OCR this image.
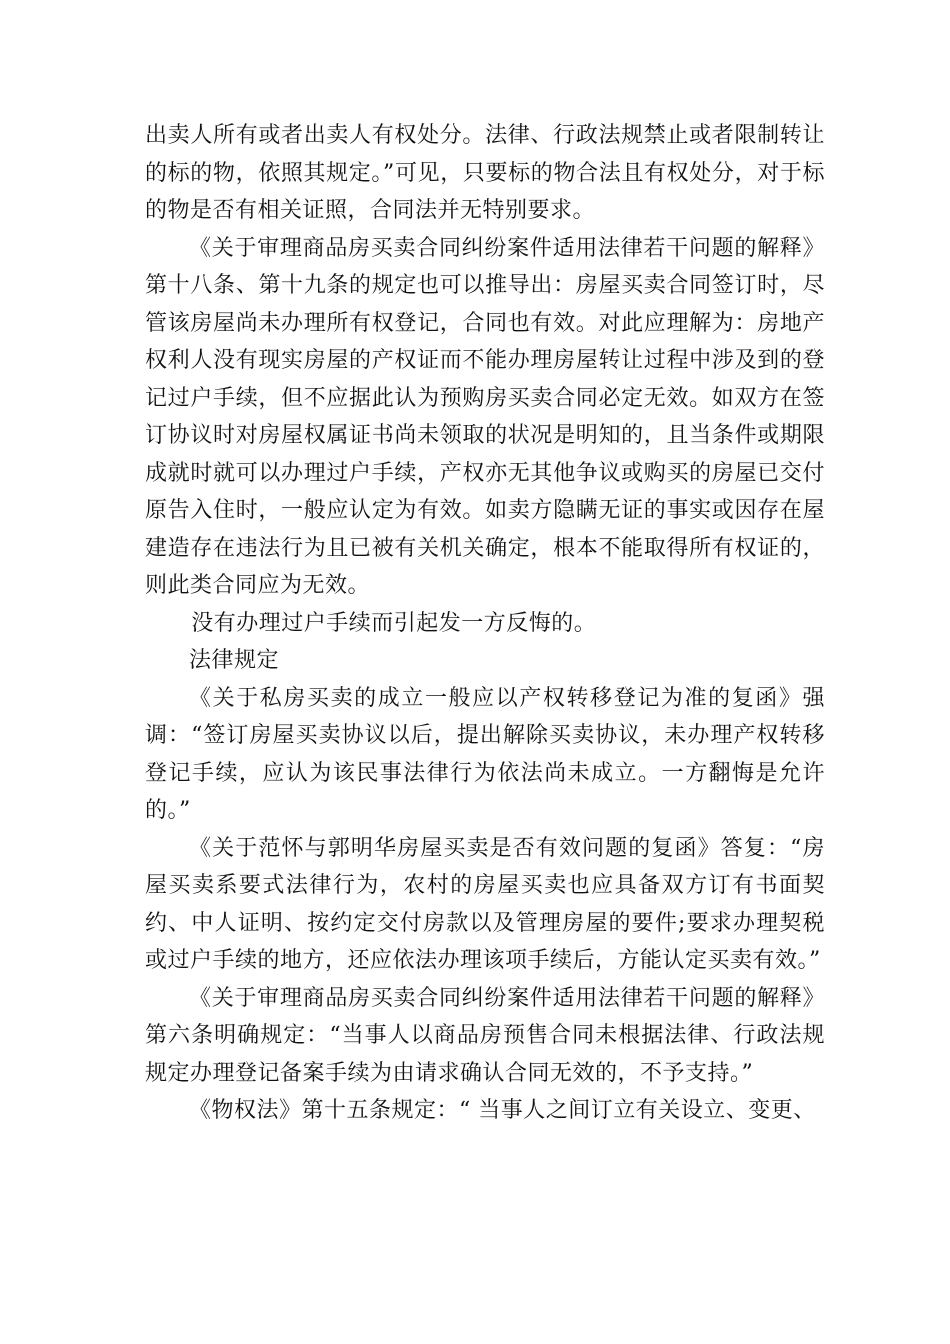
出卖人所有或者出卖人有权处分。法律、行政法规禁止或者限制转让的标的物，依照其规定。”可见，只要标的物合法且有权处分，对于标的物是否有相关证照，合同法并无特别要求。

《关于审理商品房买卖合同纠纷案件适用法律若干问题的解释》第十八条、第十九条的规定也可以推导出：房屋买卖合同签订时，尽管该房屋尚未办理所有权登记，合同也有效。对此应理解为：房地产权利人没有现实房屋的产权证而不能办理房屋转让过程中涉及到的登记过户手续，但不应据此认为预购房买卖合同必定无效。如双方在签订协议时对房屋权属证书尚未领取的状况是明知的，且当条件或期限成就时就可以办理过户手续，产权亦无其他争议或购买的房屋已交付原告入住时，一般应认定为有效。如卖方隐瞒无证的事实或因存在屋建造存在违法行为且已被有关机关确定，根本不能取得所有权证的，则此类合同应为无效。

没有办理过户手续而引起发一方反悔的。

法律规定

《关于私房买卖的成立一般应以产权转移登记为准的复函》强调：“签订房屋买卖协议以后，提出解除买卖协议，未办理产权转移登记手续，应认为该民事法律行为依法尚未成立。一方翻悔是允许的。”

《关于范怀与郭明华房屋买卖是否有效问题的复函》答复：“房屋买卖系要式法律行为，农村的房屋买卖也应具备双方订有书面契约、中人证明、按约定交付房款以及管理房屋的要件;要求办理契税或过户手续的地方，还应依法办理该项手续后，方能认定买卖有效。”

《关于审理商品房买卖合同纠纷案件适用法律若干问题的解释》第六条明确规定：“当事人以商品房预售合同未根据法律、行政法规规定办理登记备案手续为由请求确认合同无效的，不予支持。”

《物权法》第十五条规定：“ 当事人之间订立有关设立、变更、
